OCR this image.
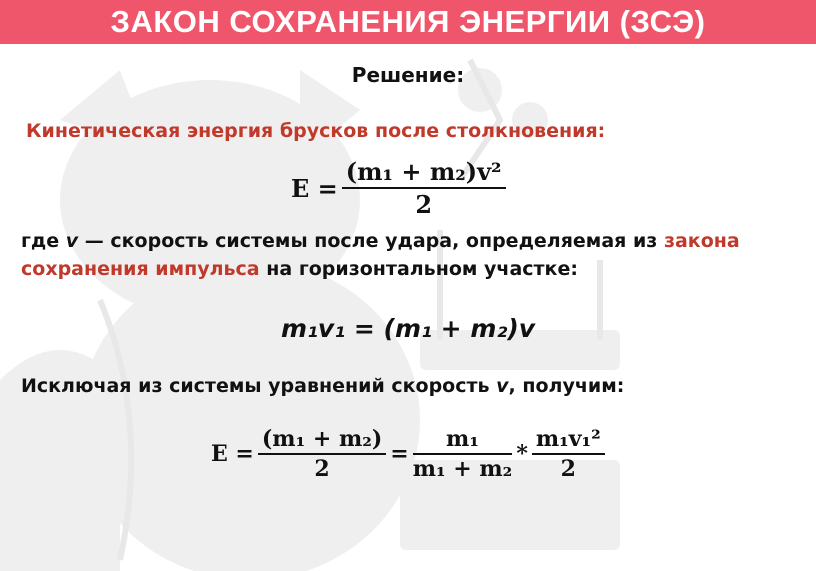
ЗАКОН СОХРАНЕНИЯ ЭНЕРГИИ (ЗСЭ)
Решение:
Кинетическая энергия брусков после столкновения:
$E = \frac{\text{(m₁ + m₂)v²}}{2}$
где v — скорость системы после удара, определяемая из закона
сохранения импульса на горизонтальном участке:
m₁v₁ = (m₁ + m₂)v
Исключая из системы уравнений скорость v, получим:
$E = \frac{\text{(m₁ + m₂)}}{2} = \frac{\text{m₁}}{\text{m₁ + m₂}} * \frac{\text{m₁v₁²}}{2}$
